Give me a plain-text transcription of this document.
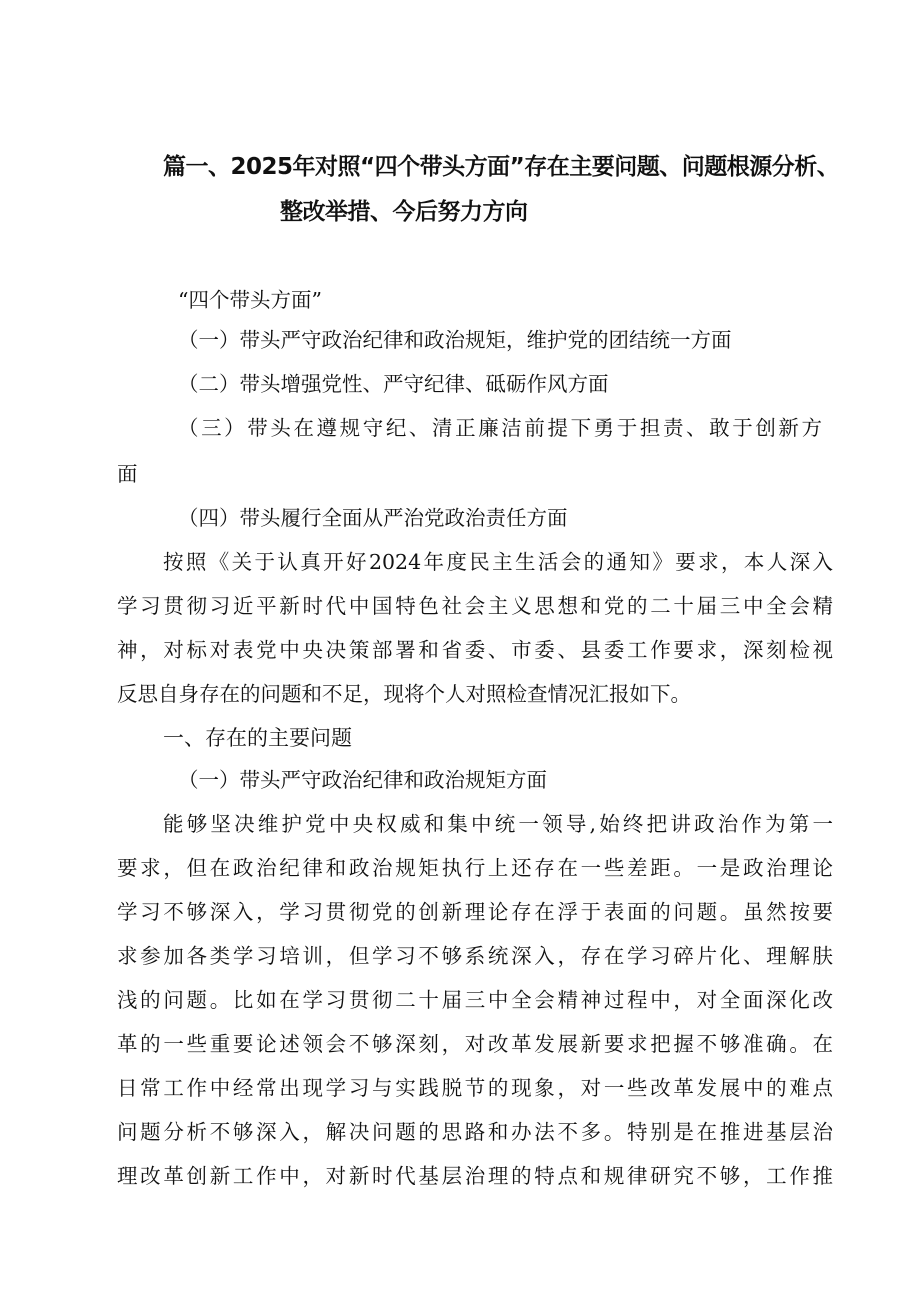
篇一、2025年对照“四个带头方面”存在主要问题、问题根源分析、
整改举措、今后努力方向
“四个带头方面”
（一）带头严守政治纪律和政治规矩，维护党的团结统一方面
（二）带头增强党性、严守纪律、砥砺作风方面
（三）带头在遵规守纪、清正廉洁前提下勇于担责、敢于创新方
面
（四）带头履行全面从严治党政治责任方面
按照《关于认真开好2024年度民主生活会的通知》要求，本人深入
学习贯彻习近平新时代中国特色社会主义思想和党的二十届三中全会精
神，对标对表党中央决策部署和省委、市委、县委工作要求，深刻检视
反思自身存在的问题和不足，现将个人对照检查情况汇报如下。
一、存在的主要问题
（一）带头严守政治纪律和政治规矩方面
能够坚决维护党中央权威和集中统一领导,始终把讲政治作为第一
要求，但在政治纪律和政治规矩执行上还存在一些差距。一是政治理论
学习不够深入，学习贯彻党的创新理论存在浮于表面的问题。虽然按要
求参加各类学习培训，但学习不够系统深入，存在学习碎片化、理解肤
浅的问题。比如在学习贯彻二十届三中全会精神过程中，对全面深化改
革的一些重要论述领会不够深刻，对改革发展新要求把握不够准确。在
日常工作中经常出现学习与实践脱节的现象，对一些改革发展中的难点
问题分析不够深入，解决问题的思路和办法不多。特别是在推进基层治
理改革创新工作中，对新时代基层治理的特点和规律研究不够，工作推
